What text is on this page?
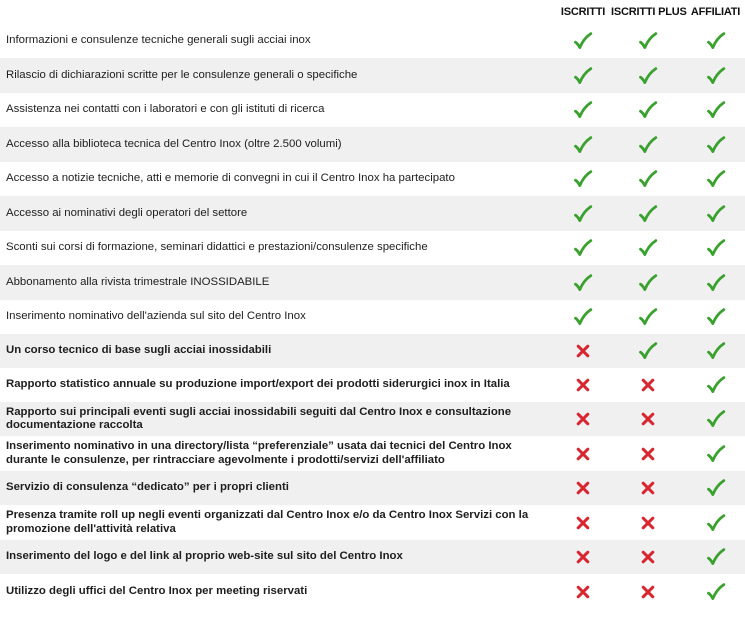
ISCRITTI ISCRITTI PLUS AFFILIATI
Informazioni e consulenze tecniche generali sugli acciai inox
Rilascio di dichiarazioni scritte per le consulenze generali o specifiche
Assistenza nei contatti con i laboratori e con gli istituti di ricerca
Accesso alla biblioteca tecnica del Centro Inox (oltre 2.500 volumi)
Accesso a notizie tecniche, atti e memorie di convegni in cui il Centro Inox ha partecipato
Accesso ai nominativi degli operatori del settore
Sconti sui corsi di formazione, seminari didattici e prestazioni/consulenze specifiche
Abbonamento alla rivista trimestrale INOSSIDABILE
Inserimento nominativo dell'azienda sul sito del Centro Inox
Un corso tecnico di base sugli acciai inossidabili
Rapporto statistico annuale su produzione import/export dei prodotti siderurgici inox in Italia
Rapporto sui principali eventi sugli acciai inossidabili seguiti dal Centro Inox e consultazione documentazione raccolta
Inserimento nominativo in una directory/lista “preferenziale” usata dai tecnici del Centro Inox durante le consulenze, per rintracciare agevolmente i prodotti/servizi dell'affiliato
Servizio di consulenza “dedicato” per i propri clienti
Presenza tramite roll up negli eventi organizzati dal Centro Inox e/o da Centro Inox Servizi con la promozione dell'attività relativa
Inserimento del logo e del link al proprio web-site sul sito del Centro Inox
Utilizzo degli uffici del Centro Inox per meeting riservati
